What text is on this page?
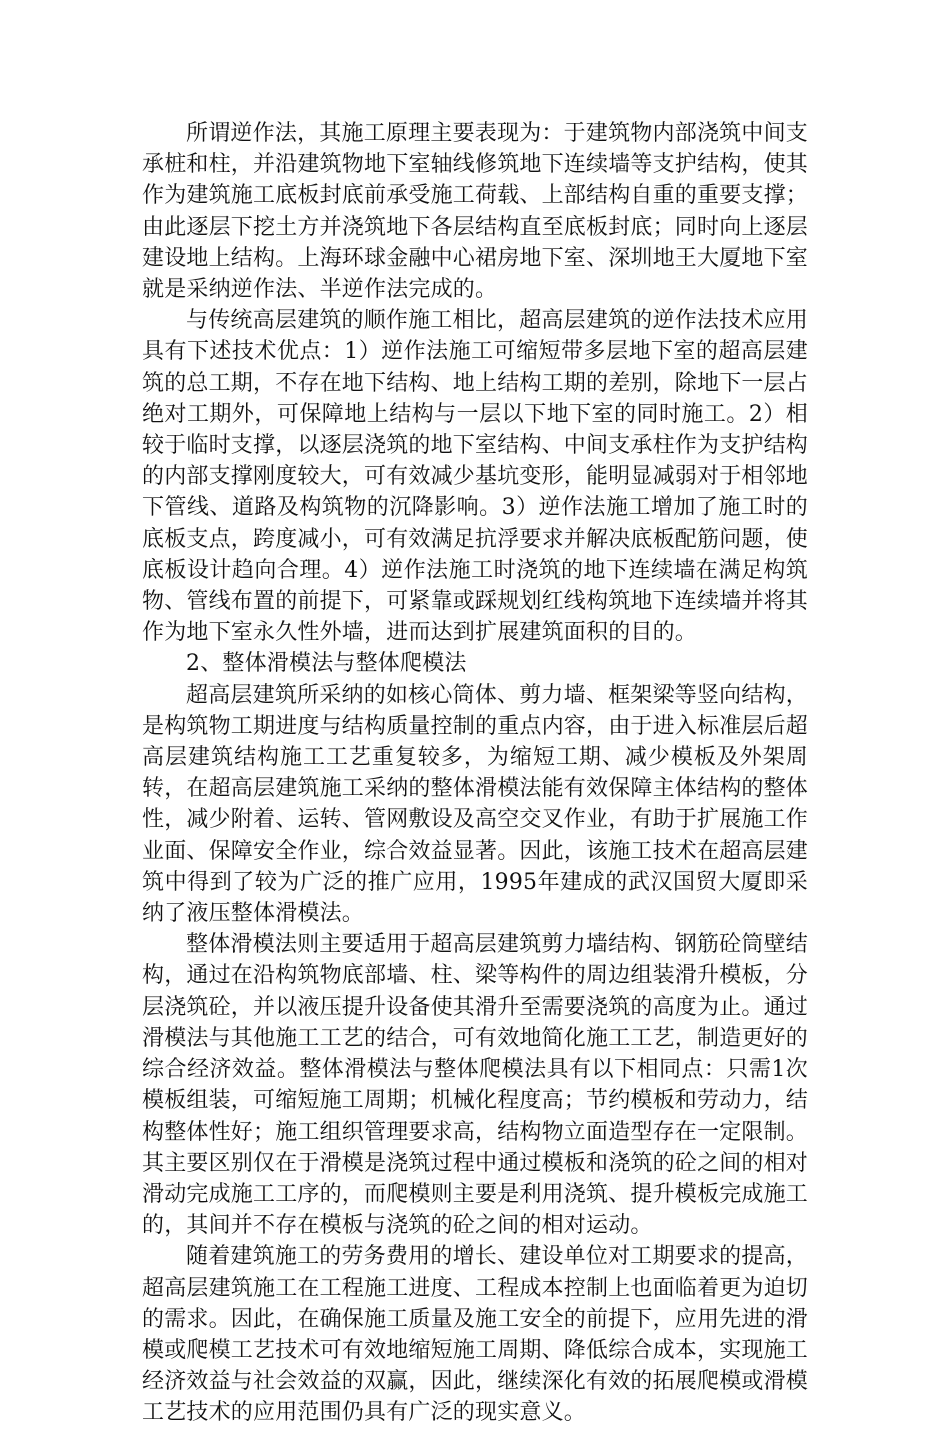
所谓逆作法，其施工原理主要表现为：于建筑物内部浇筑中间支承桩和柱，并沿建筑物地下室轴线修筑地下连续墙等支护结构，使其作为建筑施工底板封底前承受施工荷载、上部结构自重的重要支撑；由此逐层下挖土方并浇筑地下各层结构直至底板封底；同时向上逐层建设地上结构。上海环球金融中心裙房地下室、深圳地王大厦地下室就是采纳逆作法、半逆作法完成的。

与传统高层建筑的顺作施工相比，超高层建筑的逆作法技术应用具有下述技术优点：1）逆作法施工可缩短带多层地下室的超高层建筑的总工期，不存在地下结构、地上结构工期的差别，除地下一层占绝对工期外，可保障地上结构与一层以下地下室的同时施工。2）相较于临时支撑，以逐层浇筑的地下室结构、中间支承柱作为支护结构的内部支撑刚度较大，可有效减少基坑变形，能明显减弱对于相邻地下管线、道路及构筑物的沉降影响。3）逆作法施工增加了施工时的底板支点，跨度减小，可有效满足抗浮要求并解决底板配筋问题，使底板设计趋向合理。4）逆作法施工时浇筑的地下连续墙在满足构筑物、管线布置的前提下，可紧靠或踩规划红线构筑地下连续墙并将其作为地下室永久性外墙，进而达到扩展建筑面积的目的。

2、整体滑模法与整体爬模法

超高层建筑所采纳的如核心筒体、剪力墙、框架梁等竖向结构，是构筑物工期进度与结构质量控制的重点内容，由于进入标准层后超高层建筑结构施工工艺重复较多，为缩短工期、减少模板及外架周转，在超高层建筑施工采纳的整体滑模法能有效保障主体结构的整体性，减少附着、运转、管网敷设及高空交叉作业，有助于扩展施工作业面、保障安全作业，综合效益显著。因此，该施工技术在超高层建筑中得到了较为广泛的推广应用，1995年建成的武汉国贸大厦即采纳了液压整体滑模法。

整体滑模法则主要适用于超高层建筑剪力墙结构、钢筋砼筒壁结构，通过在沿构筑物底部墙、柱、梁等构件的周边组装滑升模板，分层浇筑砼，并以液压提升设备使其滑升至需要浇筑的高度为止。通过滑模法与其他施工工艺的结合，可有效地简化施工工艺，制造更好的综合经济效益。整体滑模法与整体爬模法具有以下相同点：只需1次模板组装，可缩短施工周期；机械化程度高；节约模板和劳动力，结构整体性好；施工组织管理要求高，结构物立面造型存在一定限制。其主要区别仅在于滑模是浇筑过程中通过模板和浇筑的砼之间的相对滑动完成施工工序的，而爬模则主要是利用浇筑、提升模板完成施工的，其间并不存在模板与浇筑的砼之间的相对运动。

随着建筑施工的劳务费用的增长、建设单位对工期要求的提高，超高层建筑施工在工程施工进度、工程成本控制上也面临着更为迫切的需求。因此，在确保施工质量及施工安全的前提下，应用先进的滑模或爬模工艺技术可有效地缩短施工周期、降低综合成本，实现施工经济效益与社会效益的双赢，因此，继续深化有效的拓展爬模或滑模工艺技术的应用范围仍具有广泛的现实意义。
